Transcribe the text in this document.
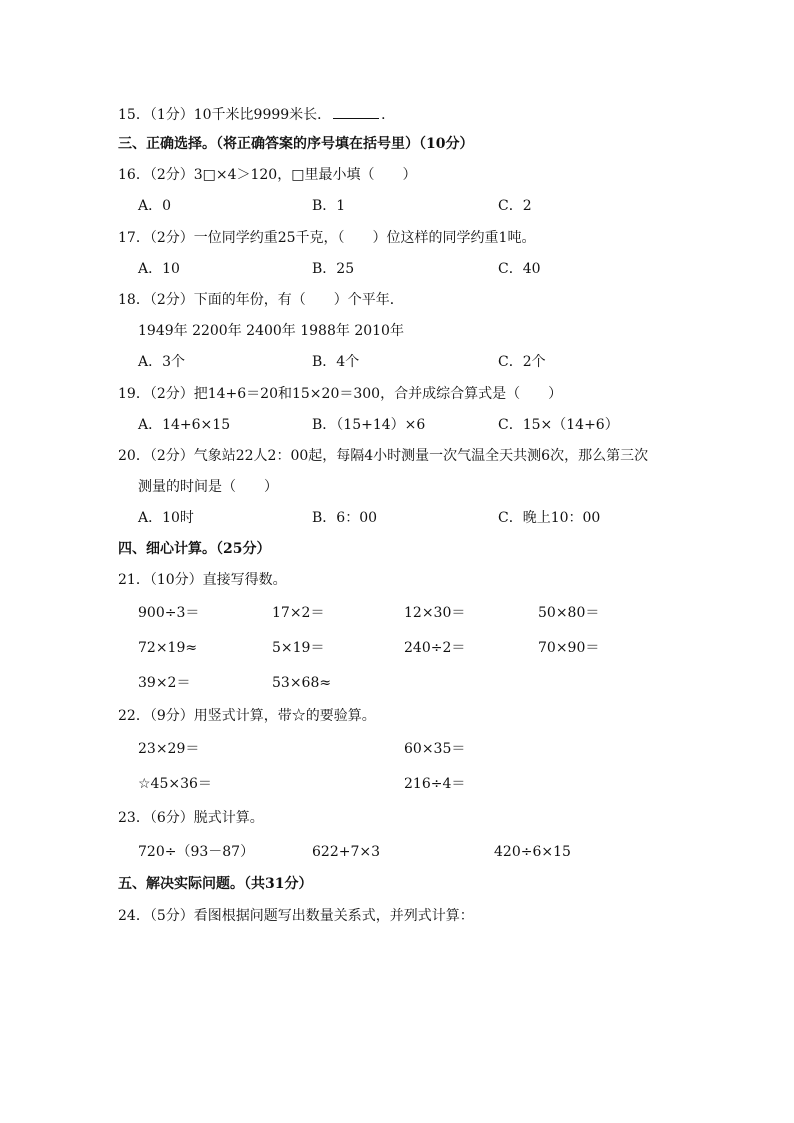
15．（1分）10千米比9999米长．	．
三、正确选择。（将正确答案的序号填在括号里）（10分）
16．（2分）3□×4＞120，□里最小填（　　）
A．0	B．1	C．2
17．（2分）一位同学约重25千克，（　　）位这样的同学约重1吨。
A．10	B．25	C．40
18．（2分）下面的年份，有（　　）个平年．
1949年 2200年 2400年 1988年 2010年
A．3个	B．4个	C．2个
19．（2分）把14+6＝20和15×20＝300，合并成综合算式是（　　）
A．14+6×15	B．（15+14）×6	C．15×（14+6）
20．（2分）气象站22人2：00起，每隔4小时测量一次气温全天共测6次，那么第三次
测量的时间是（　　）
A．10时	B．6：00	C．晚上10：00
四、细心计算。（25分）
21．（10分）直接写得数。
900÷3＝	17×2＝	12×30＝	50×80＝
72×19≈	5×19＝	240÷2＝	70×90＝
39×2＝	53×68≈
22．（9分）用竖式计算，带☆的要验算。
23×29＝	60×35＝
☆45×36＝	216÷4＝
23．（6分）脱式计算。
720÷（93－87）	622+7×3	420÷6×15
五、解决实际问题。（共31分）
24．（5分）看图根据问题写出数量关系式，并列式计算：
